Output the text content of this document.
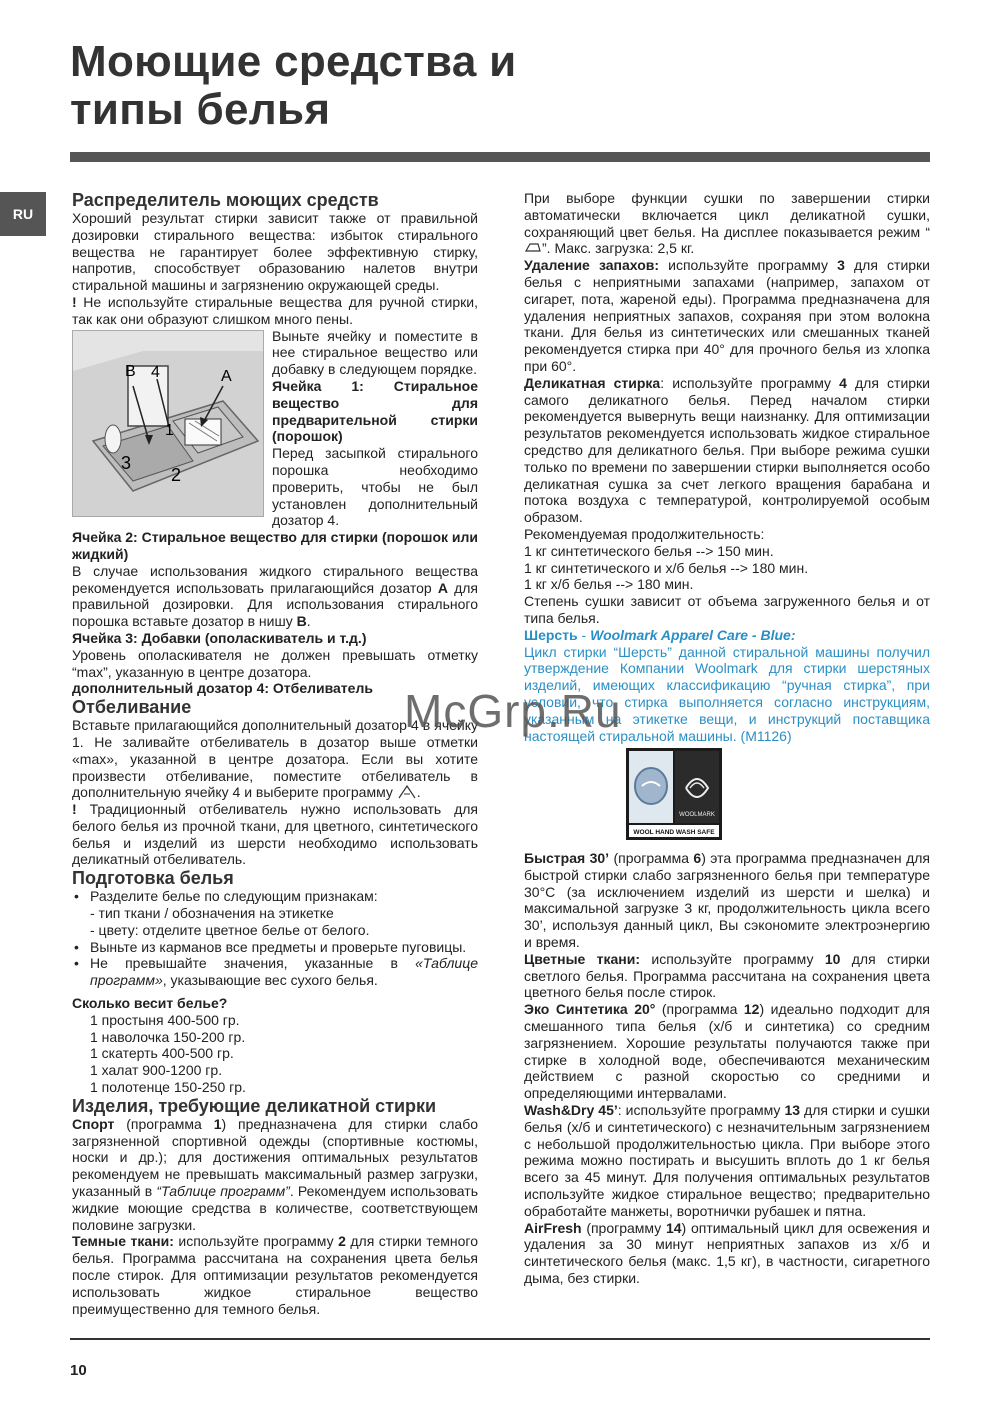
Моющие средства и
типы белья
RU

Распределитель моющих средств

Хороший результат стирки зависит также от правильной дозировки стирального вещества: избыток стирального вещества не гарантирует более эффективную стирку, напротив, способствует образованию налетов внутри стиральной машины и загрязнению окружающей среды.

! Не используйте стиральные вещества для ручной стирки, так как они образуют слишком много пены.

B 4	A
1
3
2

Выньте ячейку и поместите в нее стиральное вещество или добавку в следующем порядке.

Ячейка 1: Стиральное вещество для предварительной стирки (порошок)

Перед засыпкой стирального порошка необходимо проверить, чтобы не был установлен дополнительный дозатор 4.

Ячейка 2: Стиральное вещество для стирки (порошок или жидкий)

В случае использования жидкого стирального вещества рекомендуется использовать прилагающийся дозатор A для правильной дозировки. Для использования стирального порошка вставьте дозатор в нишу B.

Ячейка 3: Добавки (ополаскиватель и т.д.)

Уровень ополаскивателя не должен превышать отметку “max”, указанную в центре дозатора.

дополнительный дозатор 4: Отбеливатель

Отбеливание

Вставьте прилагающийся дополнительный дозатор 4 в ячейку 1. Не заливайте отбеливатель в дозатор выше отметки «max», указанной в центре дозатора. Если вы хотите произвести отбеливание, поместите отбеливатель в дополнительную ячейку 4 и выберите программу .

! Традиционный отбеливатель нужно использовать для белого белья из прочной ткани, для цветного, синтетического белья и изделий из шерсти необходимо использовать деликатный отбеливатель.

Подготовка белья

• Разделите белье по следующим признакам:
- тип ткани / обозначения на этикетке
- цвету: отделите цветное белье от белого.
• Выньте из карманов все предметы и проверьте пуговицы.
• Не превышайте значения, указанные в «Таблице программ», указывающие вес сухого белья.

Сколько весит белье?

1 простыня 400-500 гр.
1 наволочка 150-200 гр.
1 скатерть 400-500 гр.
1 халат 900-1200 гр.
1 полотенце 150-250 гр.

Изделия, требующие деликатной стирки

Спорт (программа 1) предназначена для стирки слабо загрязненной спортивной одежды (спортивные костюмы, носки и др.); для достижения оптимальных результатов рекомендуем не превышать максимальный размер загрузки, указанный в “Таблице программ”. Рекомендуем использовать жидкие моющие средства в количестве, соответствующем половине загрузки.

Темные ткани: используйте программу 2 для стирки темного белья. Программа рассчитана на сохранения цвета белья после стирок. Для оптимизации результатов рекомендуется использовать жидкое стиральное вещество преимущественно для темного белья.

При выборе функции сушки по завершении стирки автоматически включается цикл деликатной сушки, сохраняющий цвет белья. На дисплее показывается режим “”. Макс. загрузка: 2,5 кг.

Удаление запахов: используйте программу 3 для стирки белья с неприятными запахами (например, запахом от сигарет, пота, жареной еды). Программа предназначена для удаления неприятных запахов, сохраняя при этом волокна ткани. Для белья из синтетических или смешанных тканей рекомендуется стирка при 40° для прочного белья из хлопка при 60°.

Деликатная стирка: используйте программу 4 для стирки самого деликатного белья. Перед началом стирки рекомендуется вывернуть вещи наизнанку. Для оптимизации результатов рекомендуется использовать жидкое стиральное средство для деликатного белья. При выборе режима сушки только по времени по завершении стирки выполняется особо деликатная сушка за счет легкого вращения барабана и потока воздуха с температурой, контролируемой особым образом.

Рекомендуемая продолжительность:

1 кг синтетического белья --> 150 мин.

1 кг синтетического и х/б белья --> 180 мин.

1 кг х/б белья --> 180 мин.

Степень сушки зависит от объема загруженного белья и от типа белья.

Шерсть - Woolmark Apparel Care - Blue:

Цикл стирки “Шерсть” данной стиральной машины получил утверждение Компании Woolmark для стирки шерстяных изделий, имеющих классификацию “ручная стирка”, при условии, что стирка выполняется согласно инструкциям, указанным на этикетке вещи, и инструкций поставщика настоящей стиральной машины. (M1126)

WOOLMARK
WOOL HAND WASH SAFE

Быстрая 30’ (программа 6) эта программа предназначен для быстрой стирки слабо загрязненного белья при температуре 30°С (за исключением изделий из шерсти и шелка) и максимальной загрузке 3 кг, продолжительность цикла всего 30’, используя данный цикл, Вы сэкономите электроэнергию и время.

Цветные ткани: используйте программу 10 для стирки светлого белья. Программа рассчитана на сохранения цвета цветного белья после стирок.

Эко Синтетика 20° (программа 12) идеально подходит для смешанного типа белья (х/б и синтетика) со средним загрязнением. Хорошие результаты получаются также при стирке в холодной воде, обеспечиваются механическим действием с разной скоростью со средними и определяющими интервалами.

Wash&Dry 45’: используйте программу 13 для стирки и сушки белья (х/б и синтетического) с незначительным загрязнением с небольшой продолжительностью цикла. При выборе этого режима можно постирать и высушить вплоть до 1 кг белья всего за 45 минут. Для получения оптимальных результатов используйте жидкое стиральное вещество; предварительно обработайте манжеты, воротнички рубашек и пятна.

AirFresh (программу 14) оптимальный цикл для освежения и удаления за 30 минут неприятных запахов из х/б и синтетического белья (макс. 1,5 кг), в частности, сигаретного дыма, без стирки.

McGrp.Ru
10
